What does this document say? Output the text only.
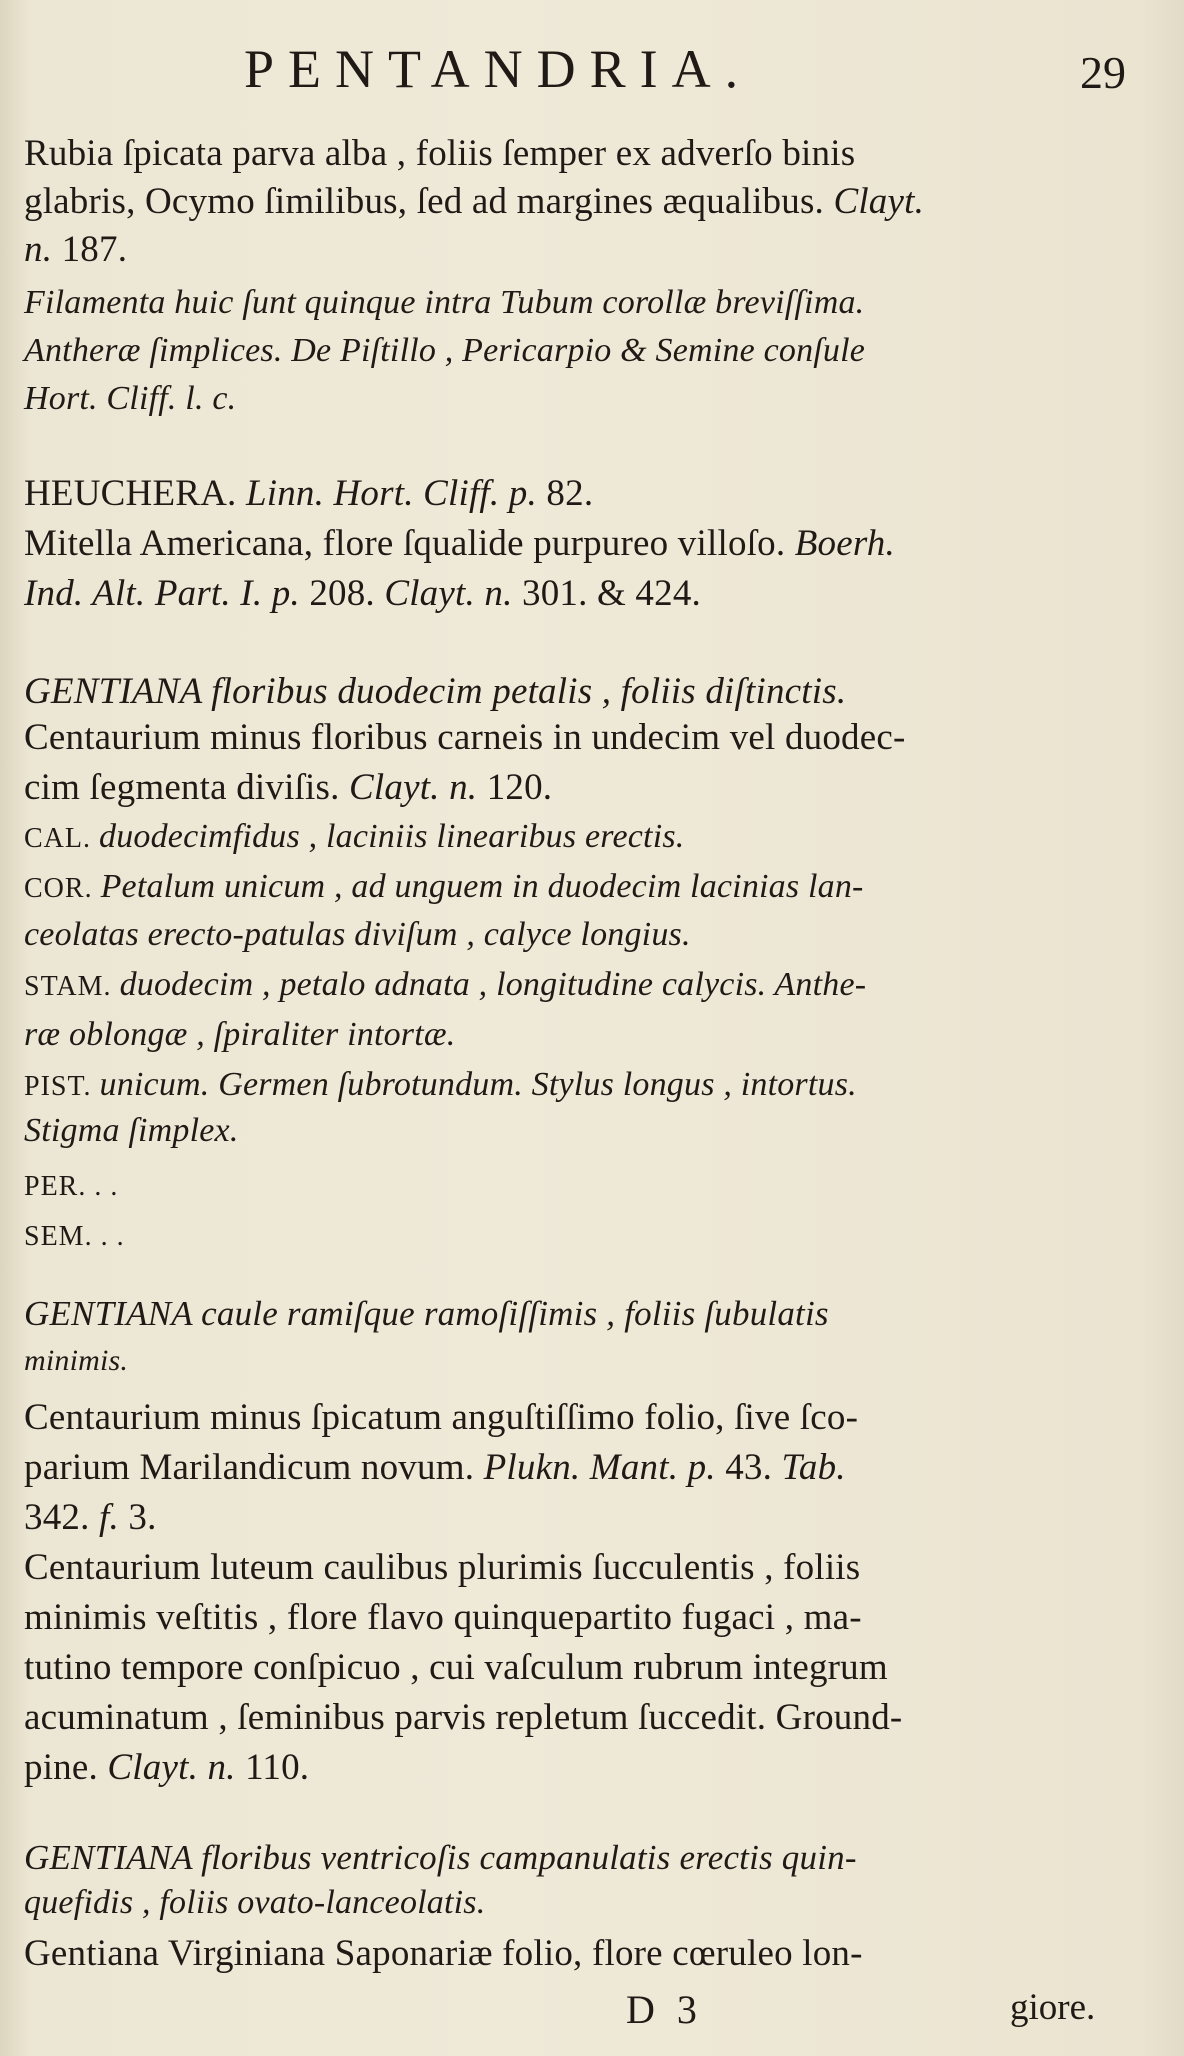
PENTANDRIA.	29
Rubia ſpicata parva alba , foliis ſemper ex adverſo binis
glabris, Ocymo ſimilibus, ſed ad margines æqualibus. Clayt.
n. 187.
Filamenta huic ſunt quinque intra Tubum corollæ breviſſima.
Antheræ ſimplices. De Piſtillo , Pericarpio & Semine conſule
Hort. Cliff. l. c.
HEUCHERA. Linn. Hort. Cliff. p. 82.
Mitella Americana, flore ſqualide purpureo villoſo. Boerh.
Ind. Alt. Part. I. p. 208. Clayt. n. 301. & 424.
GENTIANA floribus duodecim petalis , foliis diſtinctis.
Centaurium minus floribus carneis in undecim vel duodec-
cim ſegmenta diviſis. Clayt. n. 120.
CAL. duodecimfidus , laciniis linearibus erectis.
COR. Petalum unicum , ad unguem in duodecim lacinias lan-
ceolatas erecto-patulas diviſum , calyce longius.
STAM. duodecim , petalo adnata , longitudine calycis. Anthe-
ræ oblongæ , ſpiraliter intortæ.
PIST. unicum. Germen ſubrotundum. Stylus longus , intortus.
Stigma ſimplex.
PER. . .
SEM. . .
GENTIANA caule ramiſque ramoſiſſimis , foliis ſubulatis
minimis.
Centaurium minus ſpicatum anguſtiſſimo folio, ſive ſco-
parium Marilandicum novum. Plukn. Mant. p. 43. Tab.
342. f. 3.
Centaurium luteum caulibus plurimis ſucculentis , foliis
minimis veſtitis , flore flavo quinquepartito fugaci , ma-
tutino tempore conſpicuo , cui vaſculum rubrum integrum
acuminatum , ſeminibus parvis repletum ſuccedit. Ground-
pine. Clayt. n. 110.
GENTIANA floribus ventricoſis campanulatis erectis quin-
quefidis , foliis ovato-lanceolatis.
Gentiana Virginiana Saponariæ folio, flore cœruleo lon-
D 3	giore.
